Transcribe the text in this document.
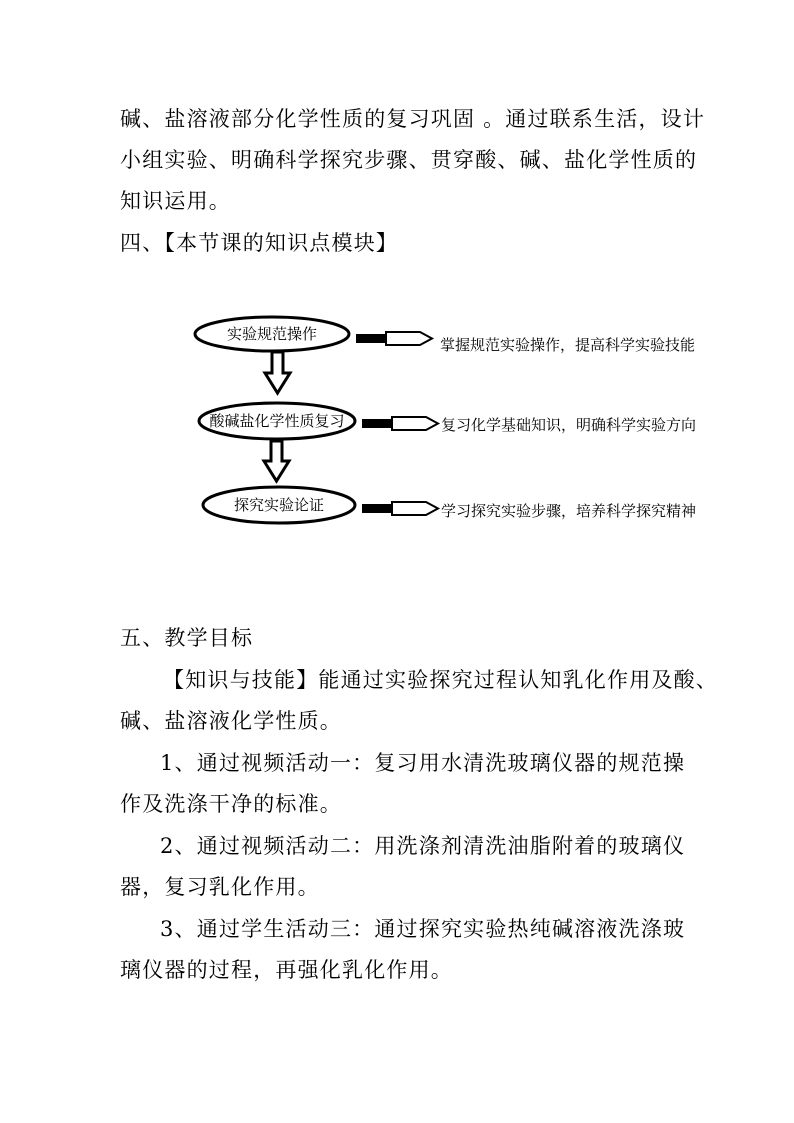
碱、盐溶液部分化学性质的复习巩固 。通过联系生活，设计
小组实验、明确科学探究步骤、贯穿酸、碱、盐化学性质的
知识运用。
四、【本节课的知识点模块】
实验规范操作
掌握规范实验操作，提高科学实验技能
酸碱盐化学性质复习	复习化学基础知识，明确科学实验方向
探究实验论证	学习探究实验步骤，培养科学探究精神
五、教学目标
【知识与技能】能通过实验探究过程认知乳化作用及酸、
碱、盐溶液化学性质。
1、通过视频活动一：复习用水清洗玻璃仪器的规范操
作及洗涤干净的标准。
2、通过视频活动二：用洗涤剂清洗油脂附着的玻璃仪
器，复习乳化作用。
3、通过学生活动三：通过探究实验热纯碱溶液洗涤玻
璃仪器的过程，再强化乳化作用。
